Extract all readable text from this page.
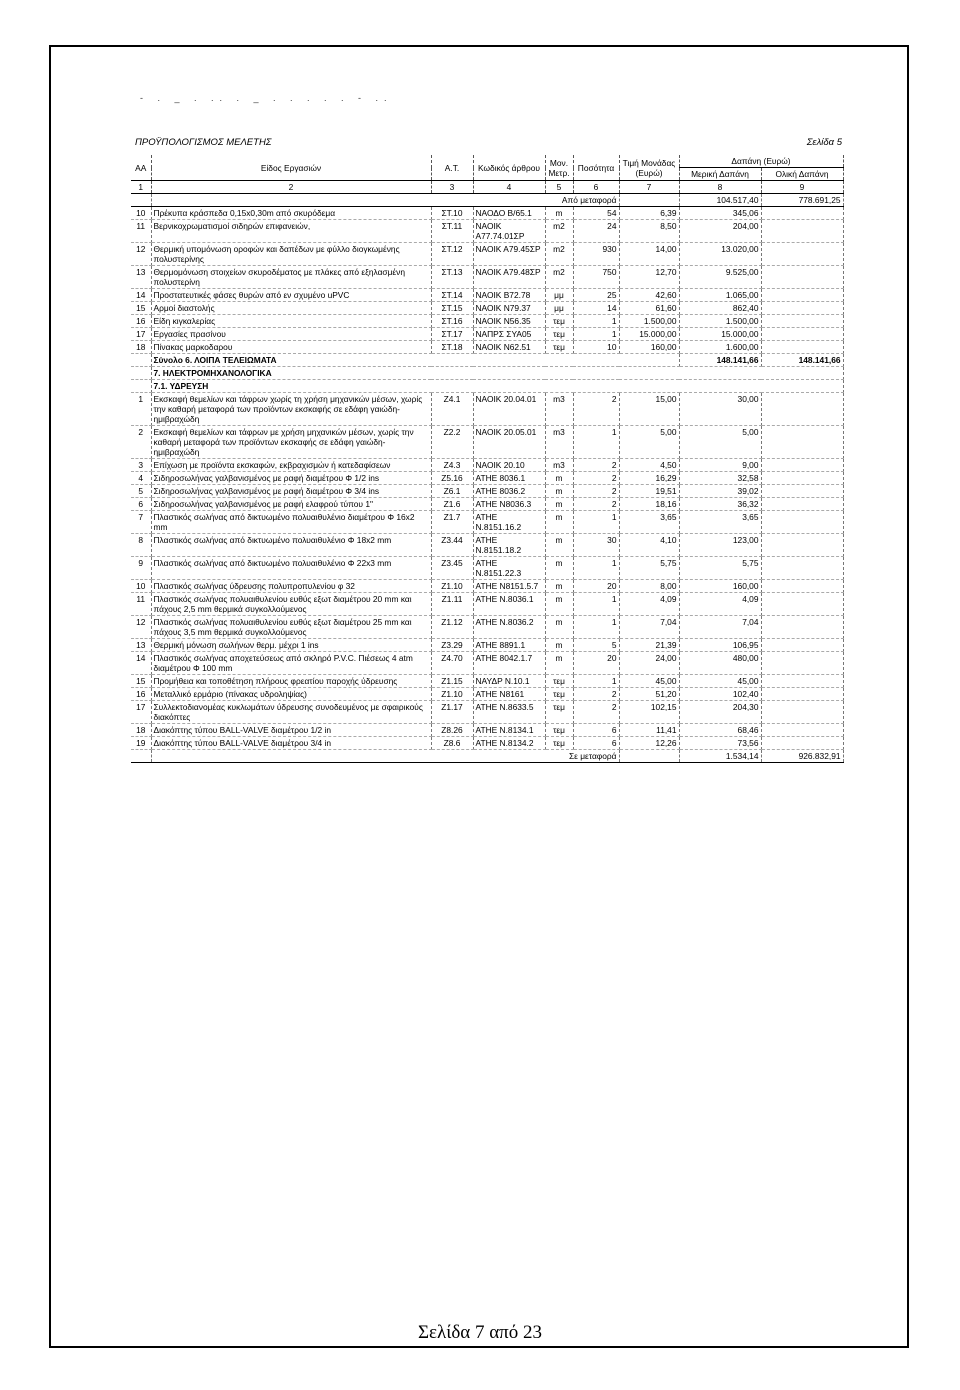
- . _ . .. . _ . . . . . - ..
ΠΡΟΫΠΟΛΟΓΙΣΜΟΣ ΜΕΛΕΤΗΣ	Σελίδα 5
ΑΑ	Είδος Εργασιών	Α.Τ.	Κωδικός άρθρου	Μον. Μετρ.	Ποσότητα	Τιμή Μονάδας (Ευρώ)	Δαπάνη (Ευρώ)	
							Μερική Δαπάνη	Ολική Δαπάνη
1	2	3	4	5	6	7	8	9
	Από μεταφορά						104.517,40	778.691,25
10	Πρέκυπα κράσπεδα 0,15x0,30m από σκυρόδεμα	ΣΤ.10	ΝΑΟΔΟ Β/65.1	m	54	6,39	345,06	
11	Βερνικοχρωματισμοί σιδηρών επιφανειών,	ΣΤ.11	ΝΑΟΙΚ Α77.74.01ΣΡ	m2	24	8,50	204,00	
12	Θερμική υπομόνωση οροφών και δαπέδων με φύλλο διογκωμένης πολυστερίνης	ΣΤ.12	ΝΑΟΙΚ Α79.45ΣΡ	m2	930	14,00	13.020,00	
13	Θερμομόνωση στοιχείων σκυροδέματος με πλάκες από εξηλασμένη πολυστερίνη	ΣΤ.13	ΝΑΟΙΚ Α79.48ΣΡ	m2	750	12,70	9.525,00	
14	Προστατευτικές φάσες θυρών από εν σχυμένο uPVC	ΣΤ.14	ΝΑΟΙΚ Β72.78	μμ	25	42,60	1.065,00	
15	Αρμοί διαστολής	ΣΤ.15	ΝΑΟΙΚ Ν79.37	μμ	14	61,60	862,40	
16	Είδη κιγκαλερίας	ΣΤ.16	ΝΑΟΙΚ Ν56.35	τεμ	1	1.500,00	1.500,00	
17	Εργασίες πρασίνου	ΣΤ.17	ΝΑΠΡΣ ΣΥΑ05	τεμ	1	15.000,00	15.000,00	
18	Πίνακας μαρκοδαρου	ΣΤ.18	ΝΑΟΙΚ Ν62.51	τεμ	10	160,00	1.600,00	
	Σύνολο 6. ΛΟΙΠΑ ΤΕΛΕΙΩΜΑΤΑ						148.141,66	148.141,66
	7. ΗΛΕΚΤΡΟΜΗΧΑΝΟΛΟΓΙΚΑ							
	7.1. ΥΔΡΕΥΣΗ							
1	Εκσκαφή θεμελίων και τάφρων χωρίς τη χρήση μηχανικών μέσων, χωρίς την καθαρή μεταφορά των προϊόντων εκσκαφής σε εδάφη γαιώδη-ημιβραχώδη	Ζ4.1	ΝΑΟΙΚ 20.04.01	m3	2	15,00	30,00	
2	Εκσκαφή θεμελίων και τάφρων με χρήση μηχανικών μέσων, χωρίς την καθαρή μεταφορά των προϊόντων εκσκαφής σε εδάφη γαιώδη-ημιβραχώδη	Ζ2.2	ΝΑΟΙΚ 20.05.01	m3	1	5,00	5,00	
3	Επίχωση με προϊόντα εκσκαφών, εκβραχισμών ή κατεδαφίσεων	Ζ4.3	ΝΑΟΙΚ 20.10	m3	2	4,50	9,00	
4	Σιδηροσωλήνας γαλβανισμένος με ραφή διαμέτρου Φ 1/2 ins	Ζ5.16	ΑΤΗΕ 8036.1	m	2	16,29	32,58	
5	Σιδηροσωλήνας γαλβανισμένος με ραφή διαμέτρου Φ 3/4 ins	Ζ6.1	ΑΤΗΕ 8036.2	m	2	19,51	39,02	
6	Σιδηροσωλήνας γαλβανισμένος με ραφή ελαφρού τύπου 1"	Ζ1.6	ΑΤΗΕ Ν8036.3	m	2	18,16	36,32	
7	Πλαστικός σωλήνας από δικτυωμένο πολυαιθυλένιο διαμέτρου Φ 16x2 mm	Ζ1.7	ΑΤΗΕ Ν.8151.16.2	m	1	3,65	3,65	
8	Πλαστικός σωλήνας από δικτυωμένο πολυαιθυλένιο Φ 18x2 mm	Ζ3.44	ΑΤΗΕ Ν.8151.18.2	m	30	4,10	123,00	
9	Πλαστικός σωλήνας από δικτυωμένο πολυαιθυλένιο Φ 22x3 mm	Ζ3.45	ΑΤΗΕ Ν.8151.22.3	m	1	5,75	5,75	
10	Πλαστικός σωλήνας ύδρευσης πολυπροπυλενίου φ 32	Ζ1.10	ΑΤΗΕ Ν8151.5.7	m	20	8,00	160,00	
11	Πλαστικός σωλήνας πολυαιθυλενίου ευθύς εξωτ διαμέτρου 20 mm και πάχους 2,5 mm θερμικά συγκολλούμενος	Ζ1.11	ΑΤΗΕ Ν.8036.1	m	1	4,09	4,09	
12	Πλαστικός σωλήνας πολυαιθυλενίου ευθύς εξωτ διαμέτρου 25 mm και πάχους 3,5 mm θερμικά συγκολλούμενος	Ζ1.12	ΑΤΗΕ Ν.8036.2	m	1	7,04	7,04	
13	Θερμική μόνωση σωλήνων θερμ. μέχρι 1 ins	Ζ3.29	ΑΤΗΕ 8891.1	m	5	21,39	106,95	
14	Πλαστικός σωλήνας αποχετεύσεως από σκληρό P.V.C. Πιέσεως 4 atm διαμέτρου Φ 100 mm	Ζ4.70	ΑΤΗΕ 8042.1.7	m	20	24,00	480,00	
15	Προμήθεια και τοποθέτηση πλήρους φρεατίου παροχής ύδρευσης	Ζ1.15	ΝΑΥΔΡ Ν.10.1	τεμ	1	45,00	45,00	
16	Μεταλλικό ερμάριο (πίνακας υδροληψίας)	Ζ1.10	ΑΤΗΕ Ν8161	τεμ	2	51,20	102,40	
17	Συλλεκτοδιανομέας κυκλωμάτων ύδρευσης συνοδευμένος με σφαιρικούς διακόπτες	Ζ1.17	ΑΤΗΕ Ν.8633.5	τεμ	2	102,15	204,30	
18	Διακόπτης τύπου BALL-VALVE διαμέτρου 1/2 in	Ζ8.26	ΑΤΗΕ Ν.8134.1	τεμ	6	11,41	68,46	
19	Διακόπτης τύπου BALL-VALVE διαμέτρου 3/4 in	Ζ8.6	ΑΤΗΕ Ν.8134.2	τεμ	6	12,26	73,56	
	Σε μεταφορά						1.534,14	926.832,91
Σελίδα 7 από 23
